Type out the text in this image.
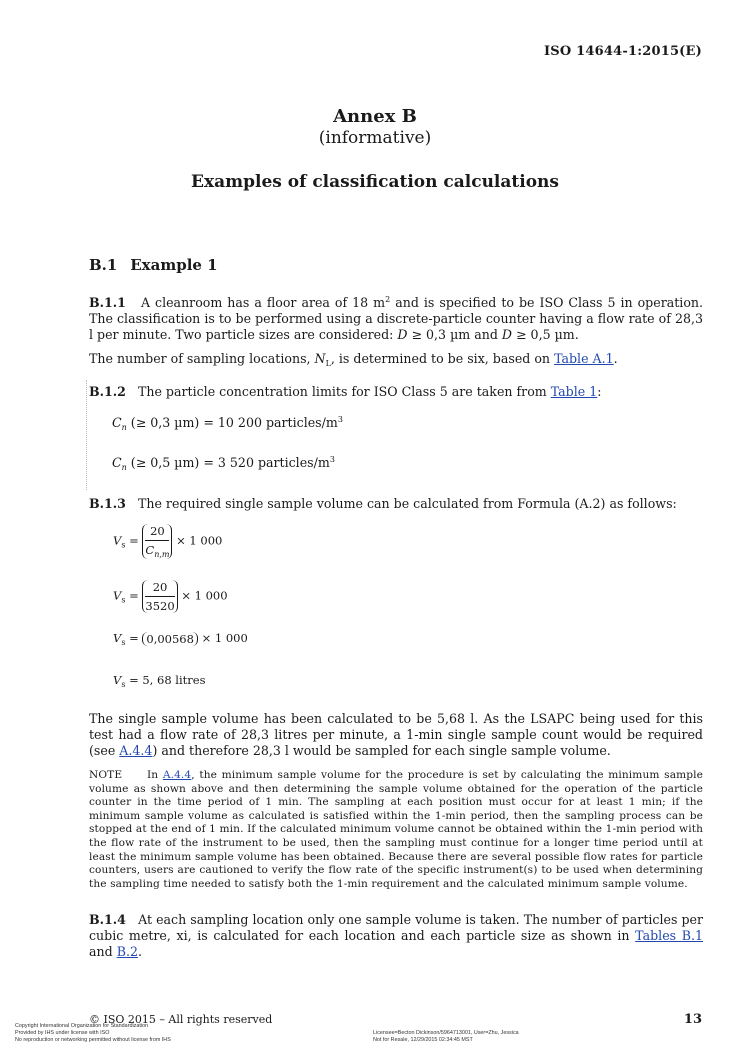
ISO 14644-1:2015(E)
Annex B
(informative)
Examples of classification calculations
B.1 Example 1
B.1.1 A cleanroom has a floor area of 18 $m^2$ and is specified to be ISO Class 5 in operation. The classification is to be performed using a discrete-particle counter having a flow rate of 28,3 l per minute. Two particle sizes are considered: D ≥ 0,3 µm and D ≥ 0,5 µm.
The number of sampling locations, $N_L$, is determined to be six, based on Table A.1.
B.1.2 The particle concentration limits for ISO Class 5 are taken from Table 1:
$C_n$ (≥ 0,3 µm) = 10 200 particles/$m^3$
$C_n$ (≥ 0,5 µm) = 3 520 particles/$m^3$
B.1.3 The required single sample volume can be calculated from Formula (A.2) as follows:
$V_s = \frac{20}{C_{n,m}} \times 1$ 000
$V_s = \frac{20}{3520} \times 1$ 000
$V_s = 0,00568 \times 1$ 000
$V_s = 5$, 68 litres
The single sample volume has been calculated to be 5,68 l. As the LSAPC being used for this test had a flow rate of 28,3 litres per minute, a 1-min single sample count would be required (see A.4.4) and therefore 28,3 l would be sampled for each single sample volume.
NOTE In A.4.4, the minimum sample volume for the procedure is set by calculating the minimum sample volume as shown above and then determining the sample volume obtained for the operation of the particle counter in the time period of 1 min. The sampling at each position must occur for at least 1 min; if the minimum sample volume as calculated is satisfied within the 1-min period, then the sampling process can be stopped at the end of 1 min. If the calculated minimum volume cannot be obtained within the 1-min period with the flow rate of the instrument to be used, then the sampling must continue for a longer time period until at least the minimum sample volume has been obtained. Because there are several possible flow rates for particle counters, users are cautioned to verify the flow rate of the specific instrument(s) to be used when determining the sampling time needed to satisfy both the 1-min requirement and the calculated minimum sample volume.
B.1.4 At each sampling location only one sample volume is taken. The number of particles per cubic metre, xi, is calculated for each location and each particle size as shown in Tables B.1 and B.2.
© ISO 2015 – All rights reserved	13
Copyright International Organization for Standardization
Provided by IHS under license with ISO
No reproduction or networking permitted without license from IHS
Licensee=Becton Dickinson/5964713001, User=Zhu, Jessica
Not for Resale, 12/29/2015 02:34:45 MST
